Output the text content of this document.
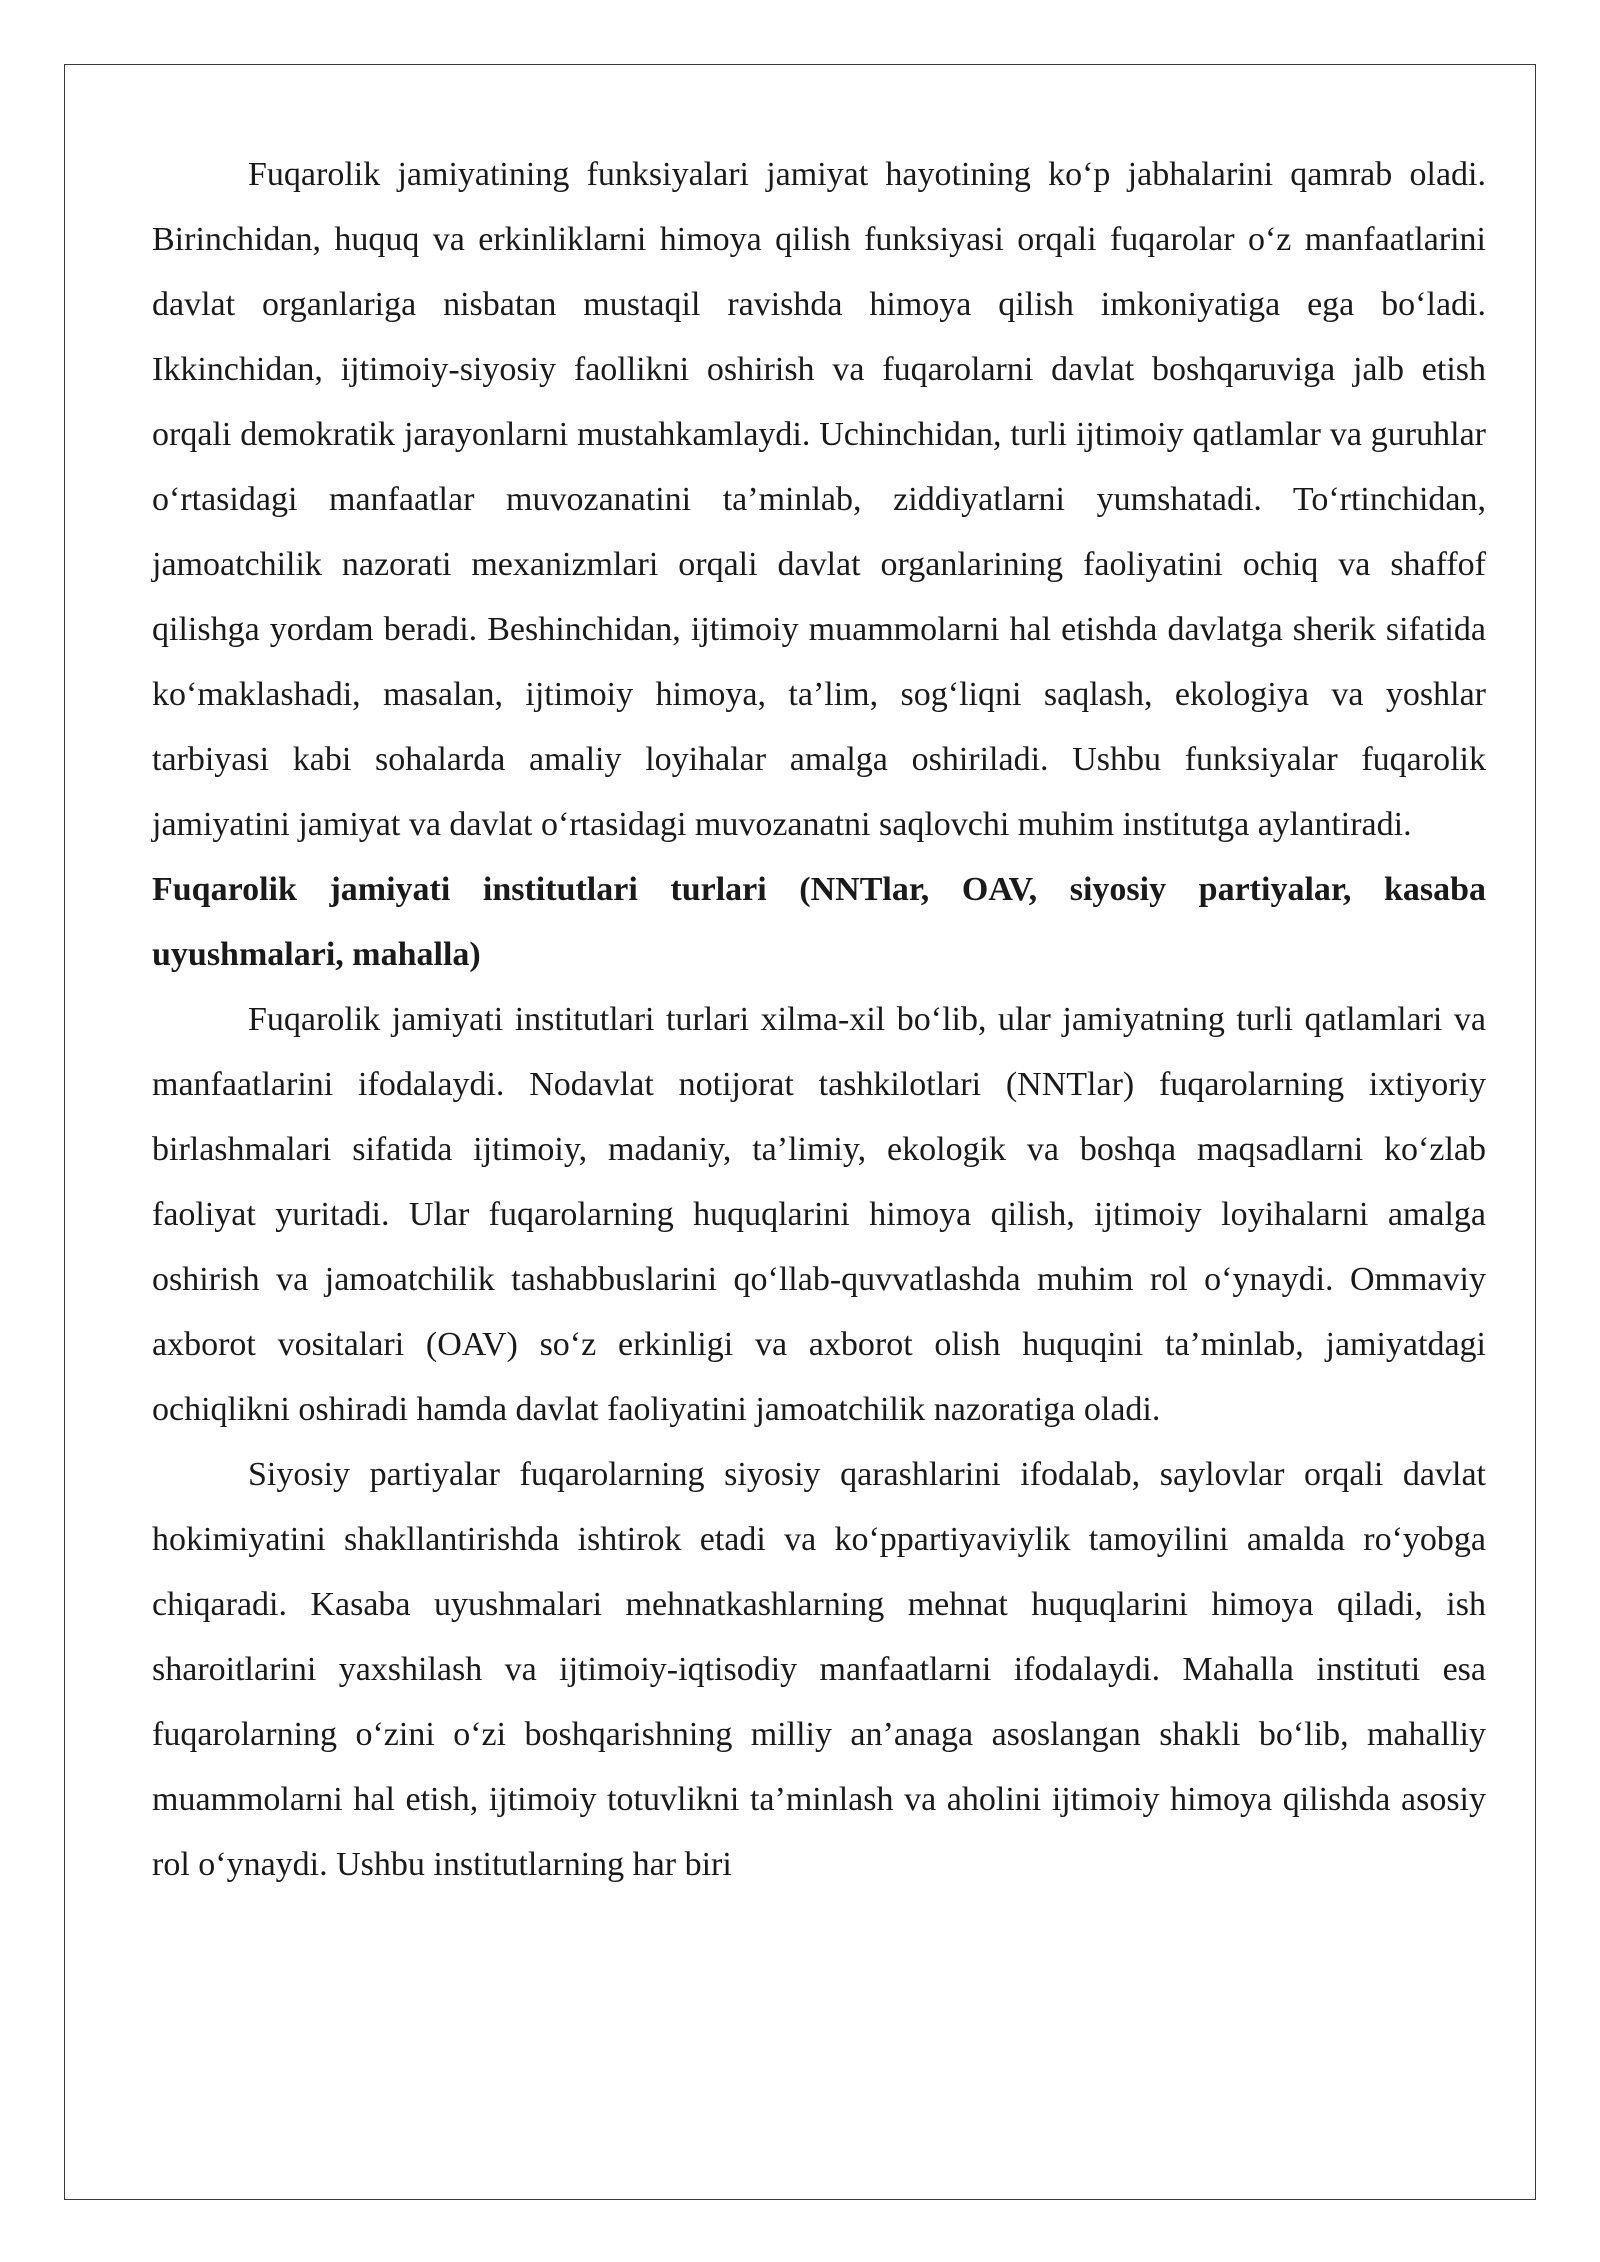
Fuqarolik jamiyatining funksiyalari jamiyat hayotining ko‘p jabhalarini qamrab oladi. Birinchidan, huquq va erkinliklarni himoya qilish funksiyasi orqali fuqarolar o‘z manfaatlarini davlat organlariga nisbatan mustaqil ravishda himoya qilish imkoniyatiga ega bo‘ladi. Ikkinchidan, ijtimoiy-siyosiy faollikni oshirish va fuqarolarni davlat boshqaruviga jalb etish orqali demokratik jarayonlarni mustahkamlaydi. Uchinchidan, turli ijtimoiy qatlamlar va guruhlar o‘rtasidagi manfaatlar muvozanatini ta’minlab, ziddiyatlarni yumshatadi. To‘rtinchidan, jamoatchilik nazorati mexanizmlari orqali davlat organlarining faoliyatini ochiq va shaffof qilishga yordam beradi. Beshinchidan, ijtimoiy muammolarni hal etishda davlatga sherik sifatida ko‘maklashadi, masalan, ijtimoiy himoya, ta’lim, sog‘liqni saqlash, ekologiya va yoshlar tarbiyasi kabi sohalarda amaliy loyihalar amalga oshiriladi. Ushbu funksiyalar fuqarolik jamiyatini jamiyat va davlat o‘rtasidagi muvozanatni saqlovchi muhim institutga aylantiradi.

Fuqarolik jamiyati institutlari turlari (NNTlar, OAV, siyosiy partiyalar, kasaba uyushmalari, mahalla)

Fuqarolik jamiyati institutlari turlari xilma-xil bo‘lib, ular jamiyatning turli qatlamlari va manfaatlarini ifodalaydi. Nodavlat notijorat tashkilotlari (NNTlar) fuqarolarning ixtiyoriy birlashmalari sifatida ijtimoiy, madaniy, ta’limiy, ekologik va boshqa maqsadlarni ko‘zlab faoliyat yuritadi. Ular fuqarolarning huquqlarini himoya qilish, ijtimoiy loyihalarni amalga oshirish va jamoatchilik tashabbuslarini qo‘llab-quvvatlashda muhim rol o‘ynaydi. Ommaviy axborot vositalari (OAV) so‘z erkinligi va axborot olish huquqini ta’minlab, jamiyatdagi ochiqlikni oshiradi hamda davlat faoliyatini jamoatchilik nazoratiga oladi.

Siyosiy partiyalar fuqarolarning siyosiy qarashlarini ifodalab, saylovlar orqali davlat hokimiyatini shakllantirishda ishtirok etadi va ko‘ppartiyaviylik tamoyilini amalda ro‘yobga chiqaradi. Kasaba uyushmalari mehnatkashlarning mehnat huquqlarini himoya qiladi, ish sharoitlarini yaxshilash va ijtimoiy-iqtisodiy manfaatlarni ifodalaydi. Mahalla instituti esa fuqarolarning o‘zini o‘zi boshqarishning milliy an’anaga asoslangan shakli bo‘lib, mahalliy muammolarni hal etish, ijtimoiy totuvlikni ta’minlash va aholini ijtimoiy himoya qilishda asosiy rol o‘ynaydi. Ushbu institutlarning har biri
